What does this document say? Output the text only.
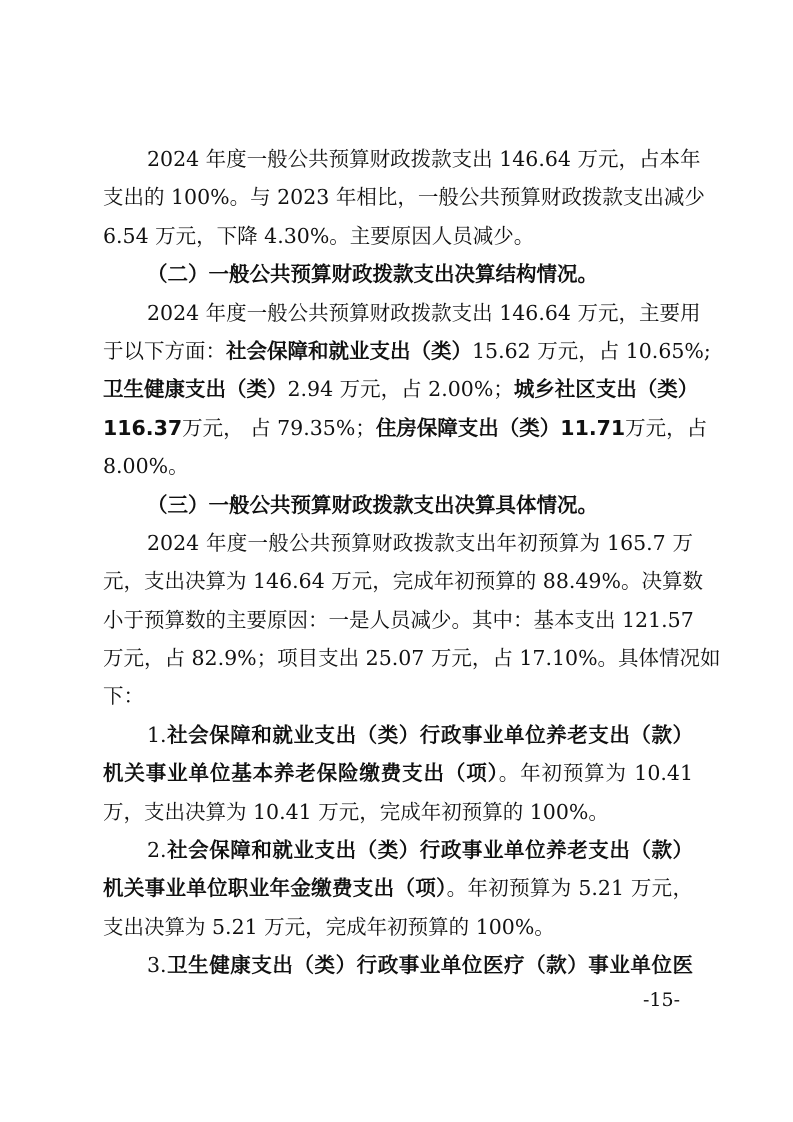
2024 年度一般公共预算财政拨款支出 146.64 万元，占本年
支出的 100%。与 2023 年相比，一般公共预算财政拨款支出减少
6.54 万元，下降 4.30%。主要原因人员减少。
（二）一般公共预算财政拨款支出决算结构情况。
2024 年度一般公共预算财政拨款支出 146.64 万元，主要用
于以下方面：社会保障和就业支出（类）15.62 万元，占 10.65%;
卫生健康支出（类）2.94 万元，占 2.00%；城乡社区支出（类）
116.37万元， 占 79.35%；住房保障支出（类）11.71万元，占
8.00%。
（三）一般公共预算财政拨款支出决算具体情况。
2024 年度一般公共预算财政拨款支出年初预算为 165.7 万
元，支出决算为 146.64 万元，完成年初预算的 88.49%。决算数
小于预算数的主要原因：一是人员减少。其中：基本支出 121.57
万元，占 82.9%；项目支出 25.07 万元，占 17.10%。具体情况如
下：
1.社会保障和就业支出（类）行政事业单位养老支出（款）
机关事业单位基本养老保险缴费支出（项）。年初预算为 10.41
万，支出决算为 10.41 万元，完成年初预算的 100%。
2.社会保障和就业支出（类）行政事业单位养老支出（款）
机关事业单位职业年金缴费支出（项）。年初预算为 5.21 万元，
支出决算为 5.21 万元，完成年初预算的 100%。
3.卫生健康支出（类）行政事业单位医疗（款）事业单位医
-15-
